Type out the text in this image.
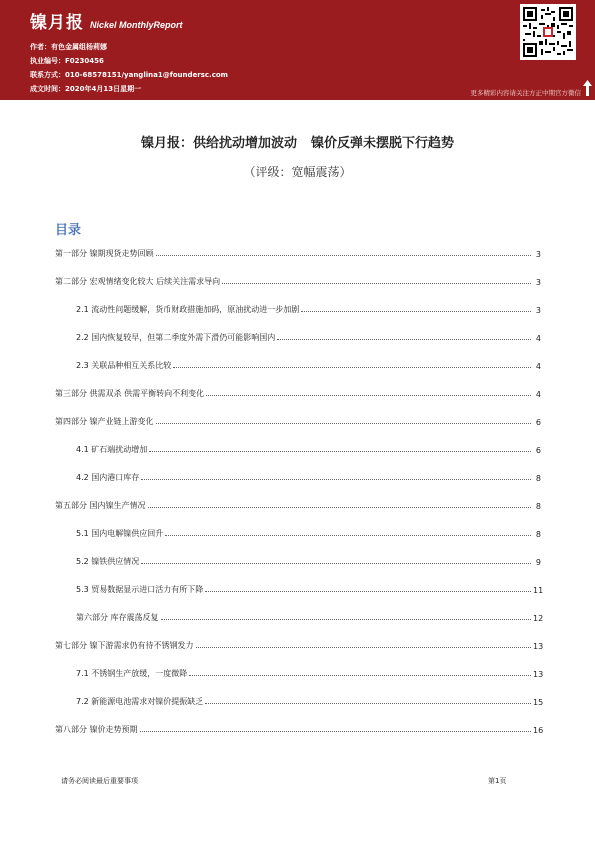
镍月报 Nickel MonthlyReport
作者：有色金属组杨莉娜
执业编号：F0230456
联系方式：010-68578151/yanglina1@foundersc.com
成文时间：2020年4月13日星期一	更多精彩内容请关注方正中期官方微信
镍月报：供给扰动增加波动 镍价反弹未摆脱下行趋势
（评级：宽幅震荡）
目录
第一部分 镍期现货走势回顾	3
第二部分 宏观情绪变化较大 后续关注需求导向	3
2.1 流动性问题缓解，货币财政措施加码，原油扰动进一步加剧	3
2.2 国内恢复较早，但第二季度外需下滑仍可能影响国内	4
2.3 关联品种相互关系比较	4
第三部分 供需双杀 供需平衡转向不利变化	4
第四部分 镍产业链上游变化	6
4.1 矿石端扰动增加	6
4.2 国内港口库存	8
第五部分 国内镍生产情况	8
5.1 国内电解镍供应回升	8
5.2 镍铁供应情况	9
5.3 贸易数据显示进口活力有所下降	11
第六部分 库存震荡反复	12
第七部分 镍下游需求仍有待不锈钢发力	13
7.1 不锈钢生产放缓，一度微降	13
7.2 新能源电池需求对镍价提振缺乏	15
第八部分 镍价走势预期	16
请务必阅读最后重要事项	第1页
